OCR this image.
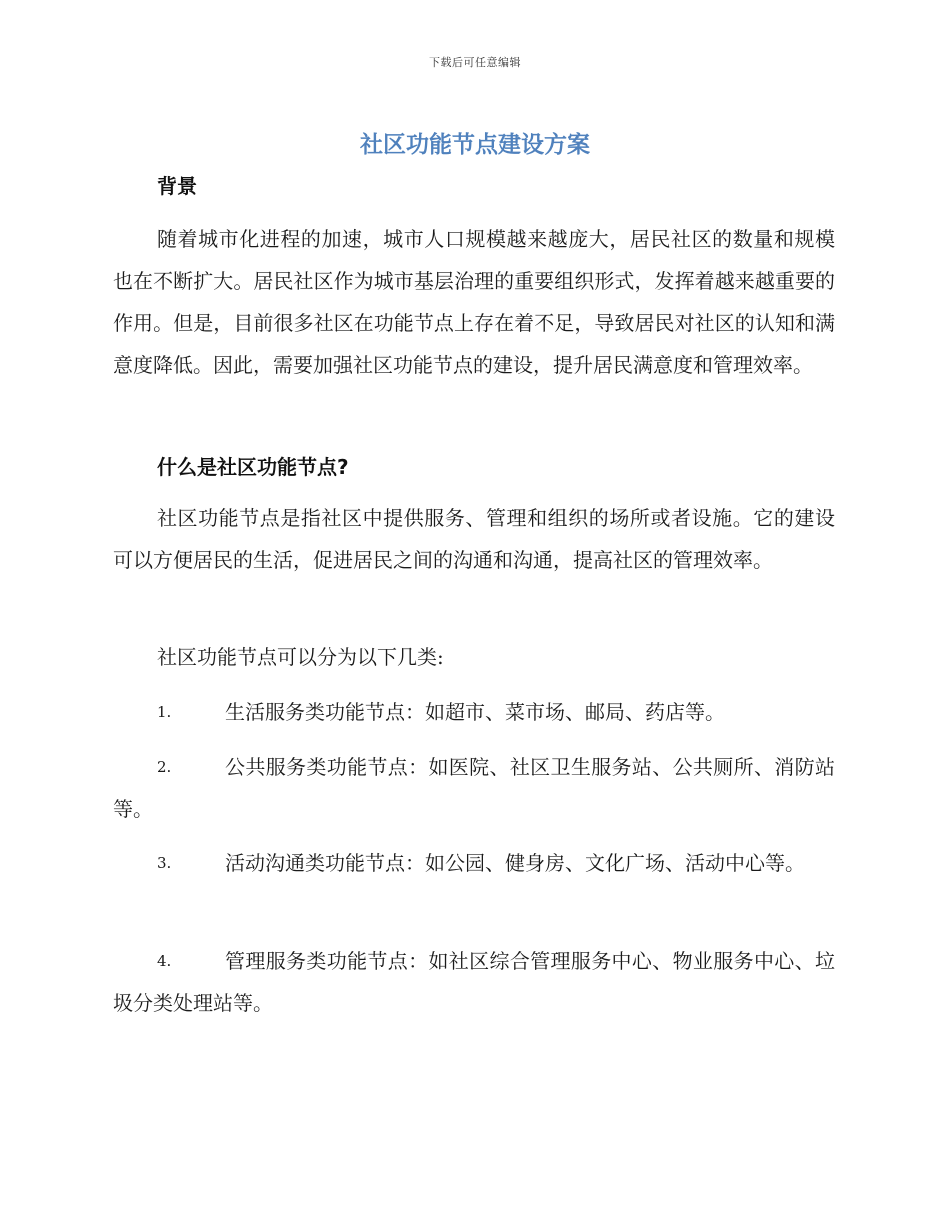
下载后可任意编辑
社区功能节点建设方案
背景
随着城市化进程的加速，城市人口规模越来越庞大，居民社区的数量和规模也在不断扩大。居民社区作为城市基层治理的重要组织形式，发挥着越来越重要的作用。但是，目前很多社区在功能节点上存在着不足，导致居民对社区的认知和满意度降低。因此，需要加强社区功能节点的建设，提升居民满意度和管理效率。
什么是社区功能节点?
社区功能节点是指社区中提供服务、管理和组织的场所或者设施。它的建设可以方便居民的生活，促进居民之间的沟通和沟通，提高社区的管理效率。
社区功能节点可以分为以下几类:
1.	生活服务类功能节点：如超市、菜市场、邮局、药店等。
2.	公共服务类功能节点：如医院、社区卫生服务站、公共厕所、消防站等。
3.	活动沟通类功能节点：如公园、健身房、文化广场、活动中心等。
4.	管理服务类功能节点：如社区综合管理服务中心、物业服务中心、垃圾分类处理站等。
